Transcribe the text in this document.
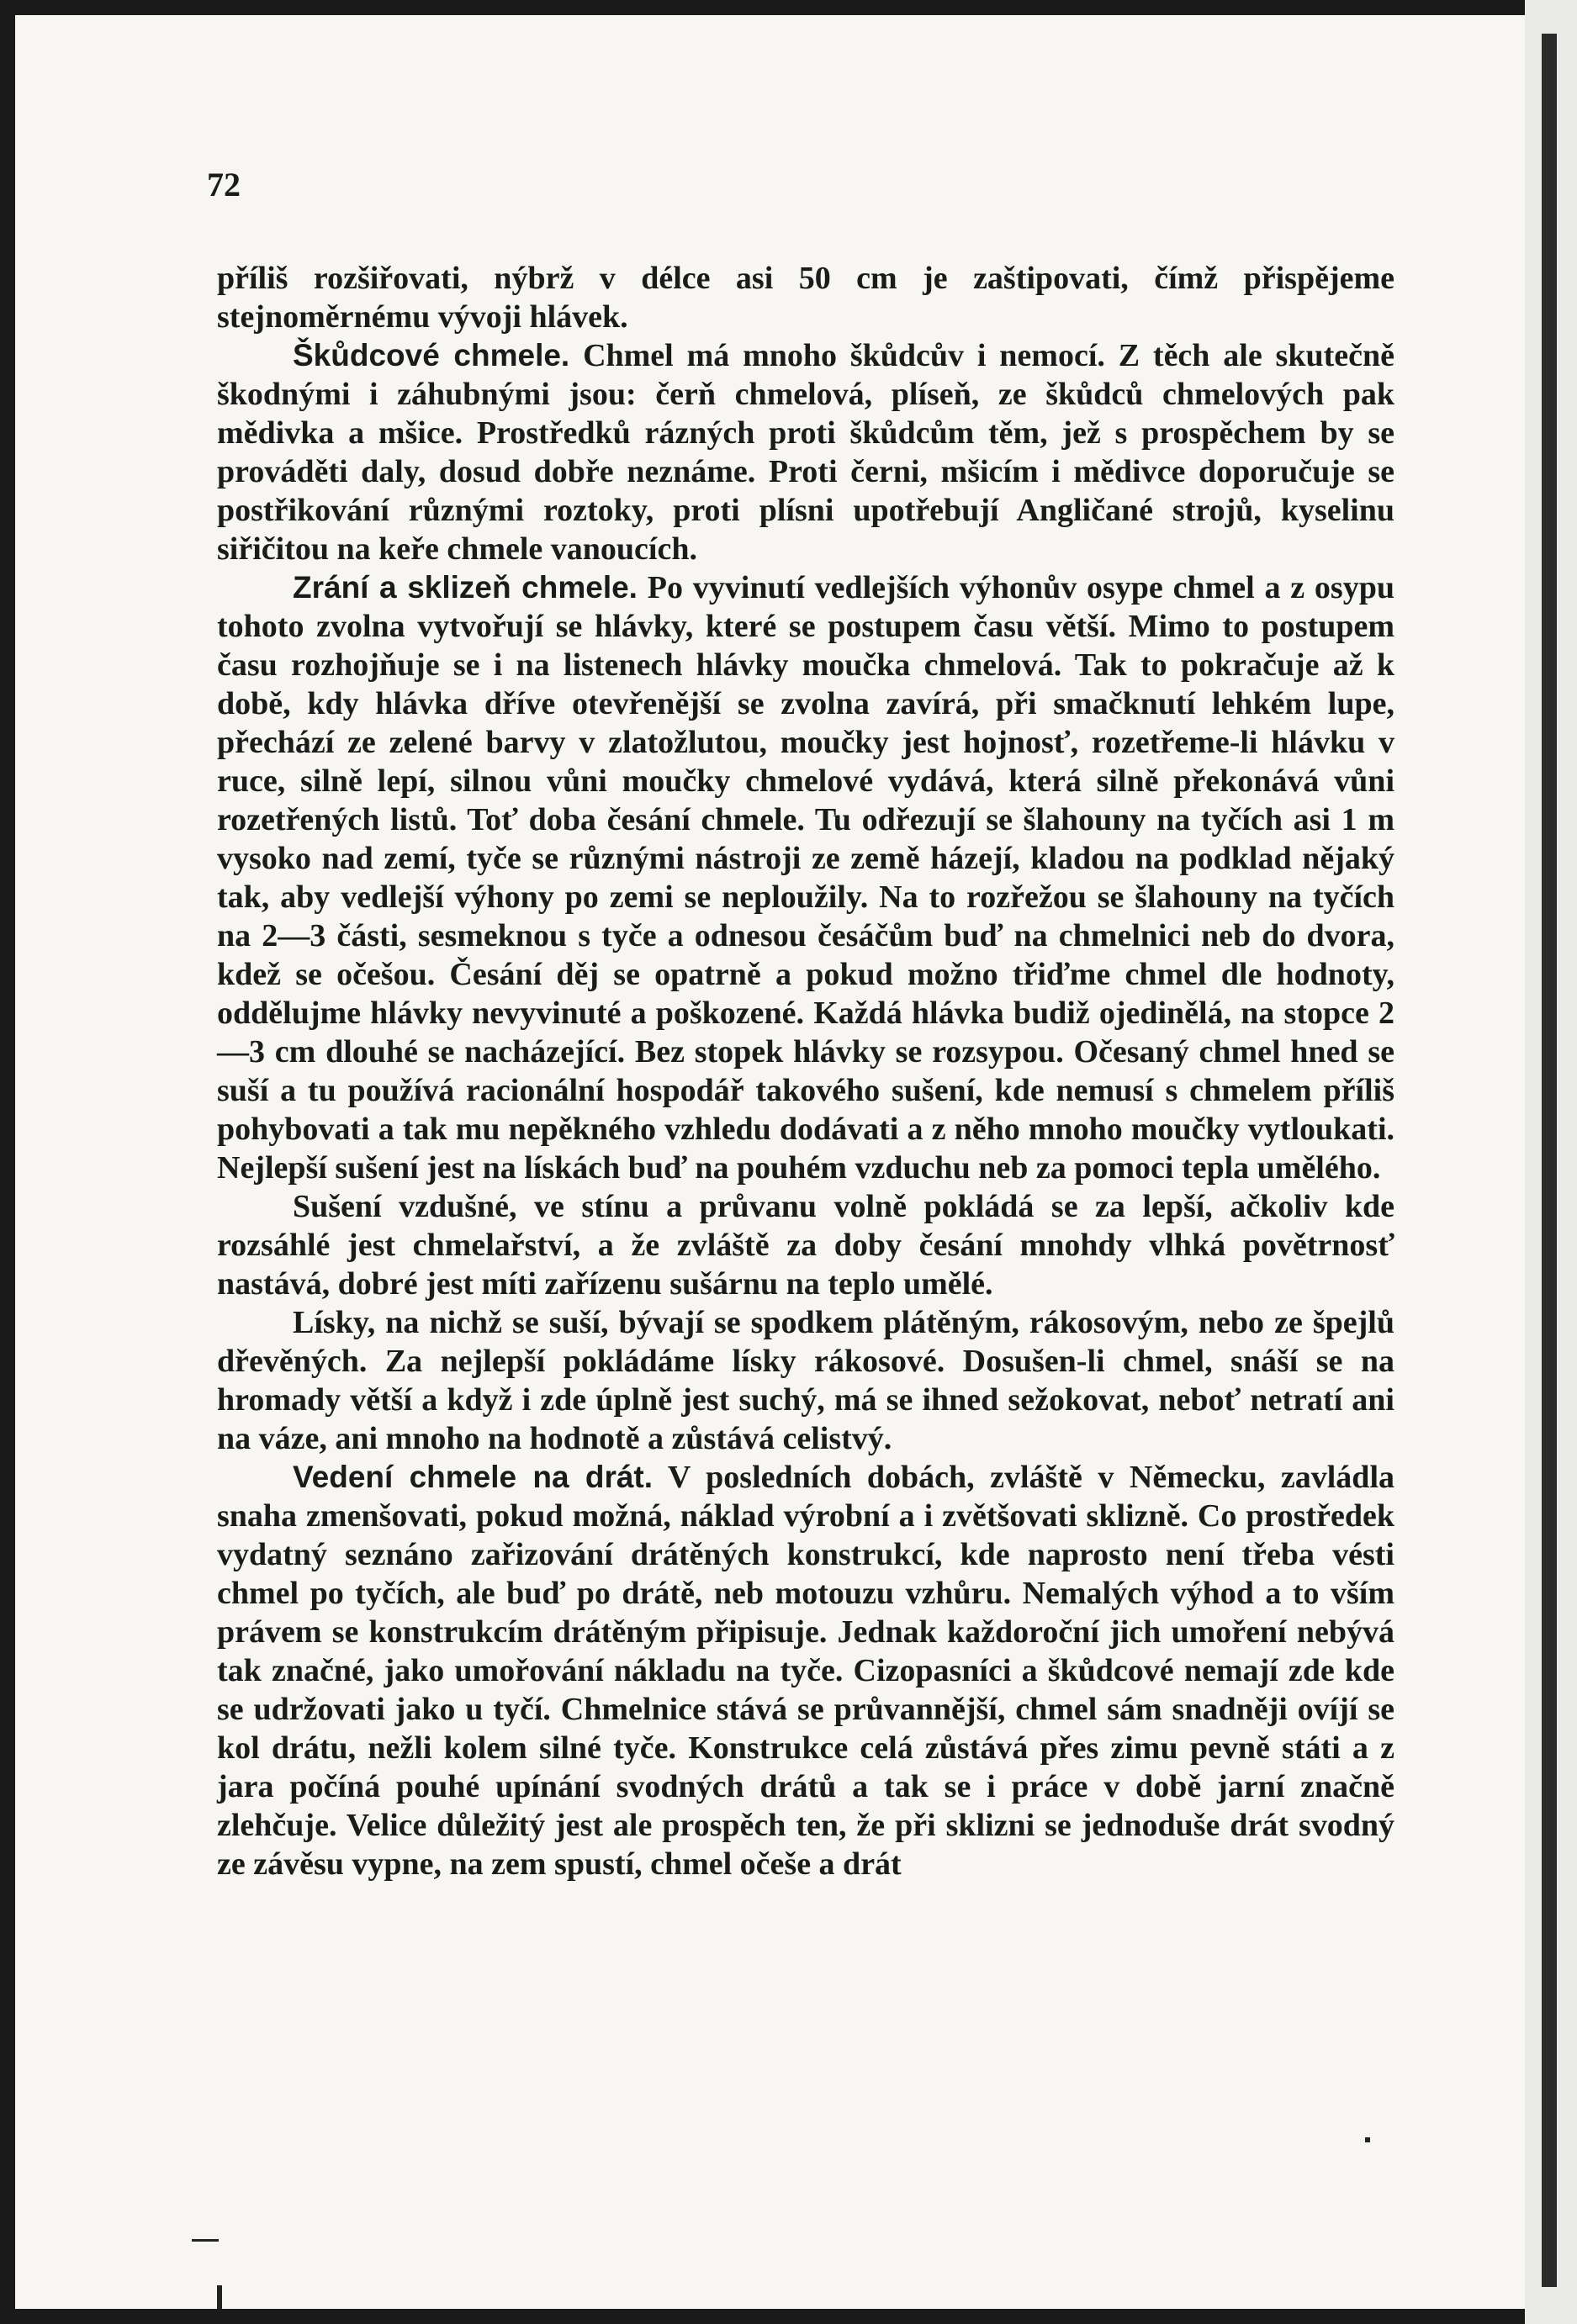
72

příliš rozšiřovati, nýbrž v délce asi 50 cm je zaštipovati, čímž přispějeme stejnoměrnému vývoji hlávek.

Škůdcové chmele. Chmel má mnoho škůdcův i nemocí. Z těch ale skutečně škodnými i záhubnými jsou: čerň chmelová, plíseň, ze škůdců chmelových pak mědivka a mšice. Prostředků rázných proti škůdcům těm, jež s prospěchem by se prováděti daly, dosud dobře neznáme. Proti černi, mšicím i mědivce doporučuje se postřikování různými roztoky, proti plísni upotřebují Angličané strojů, kyselinu siřičitou na keře chmele vanoucích.

Zrání a sklizeň chmele. Po vyvinutí vedlejších výhonův osype chmel a z osypu tohoto zvolna vytvořují se hlávky, které se postupem času větší. Mimo to postupem času rozhojňuje se i na listenech hlávky moučka chmelová. Tak to pokračuje až k době, kdy hlávka dříve otevřenější se zvolna zavírá, při smačknutí lehkém lupe, přechází ze zelené barvy v zlatožlutou, moučky jest hojnosť, rozetřeme-li hlávku v ruce, silně lepí, silnou vůni moučky chmelové vydává, která silně překonává vůni rozetřených listů. Toť doba česání chmele. Tu odřezují se šlahouny na tyčích asi 1 m vysoko nad zemí, tyče se různými nástroji ze země házejí, kladou na podklad nějaký tak, aby vedlejší výhony po zemi se neploužily. Na to rozřežou se šlahouny na tyčích na 2—3 části, sesmeknou s tyče a odnesou česáčům buď na chmelnici neb do dvora, kdež se očešou. Česání děj se opatrně a pokud možno třiďme chmel dle hodnoty, oddělujme hlávky nevyvinuté a poškozené. Každá hlávka budiž ojedinělá, na stopce 2—3 cm dlouhé se nacházející. Bez stopek hlávky se rozsypou. Očesaný chmel hned se suší a tu používá racionální hospodář takového sušení, kde nemusí s chmelem příliš pohybovati a tak mu nepěkného vzhledu dodávati a z něho mnoho moučky vytloukati. Nejlepší sušení jest na lískách buď na pouhém vzduchu neb za pomoci tepla umělého.

Sušení vzdušné, ve stínu a průvanu volně pokládá se za lepší, ačkoliv kde rozsáhlé jest chmelařství, a že zvláště za doby česání mnohdy vlhká povětrnosť nastává, dobré jest míti zařízenu sušárnu na teplo umělé.

Lísky, na nichž se suší, bývají se spodkem plátěným, rákosovým, nebo ze špejlů dřevěných. Za nejlepší pokládáme lísky rákosové. Dosušen-li chmel, snáší se na hromady větší a když i zde úplně jest suchý, má se ihned sežokovat, neboť netratí ani na váze, ani mnoho na hodnotě a zůstává celistvý.

Vedení chmele na drát. V posledních dobách, zvláště v Německu, zavládla snaha zmenšovati, pokud možná, náklad výrobní a i zvětšovati sklizně. Co prostředek vydatný seznáno zařizování drátěných konstrukcí, kde naprosto není třeba vésti chmel po tyčích, ale buď po drátě, neb motouzu vzhůru. Nemalých výhod a to vším právem se konstrukcím drátěným připisuje. Jednak každoroční jich umoření nebývá tak značné, jako umořování nákladu na tyče. Cizopasníci a škůdcové nemají zde kde se udržovati jako u tyčí. Chmelnice stává se průvannější, chmel sám snadněji ovíjí se kol drátu, nežli kolem silné tyče. Konstrukce celá zůstává přes zimu pevně státi a z jara počíná pouhé upínání svodných drátů a tak se i práce v době jarní značně zlehčuje. Velice důležitý jest ale prospěch ten, že při sklizni se jednoduše drát svodný ze závěsu vypne, na zem spustí, chmel očeše a drát
